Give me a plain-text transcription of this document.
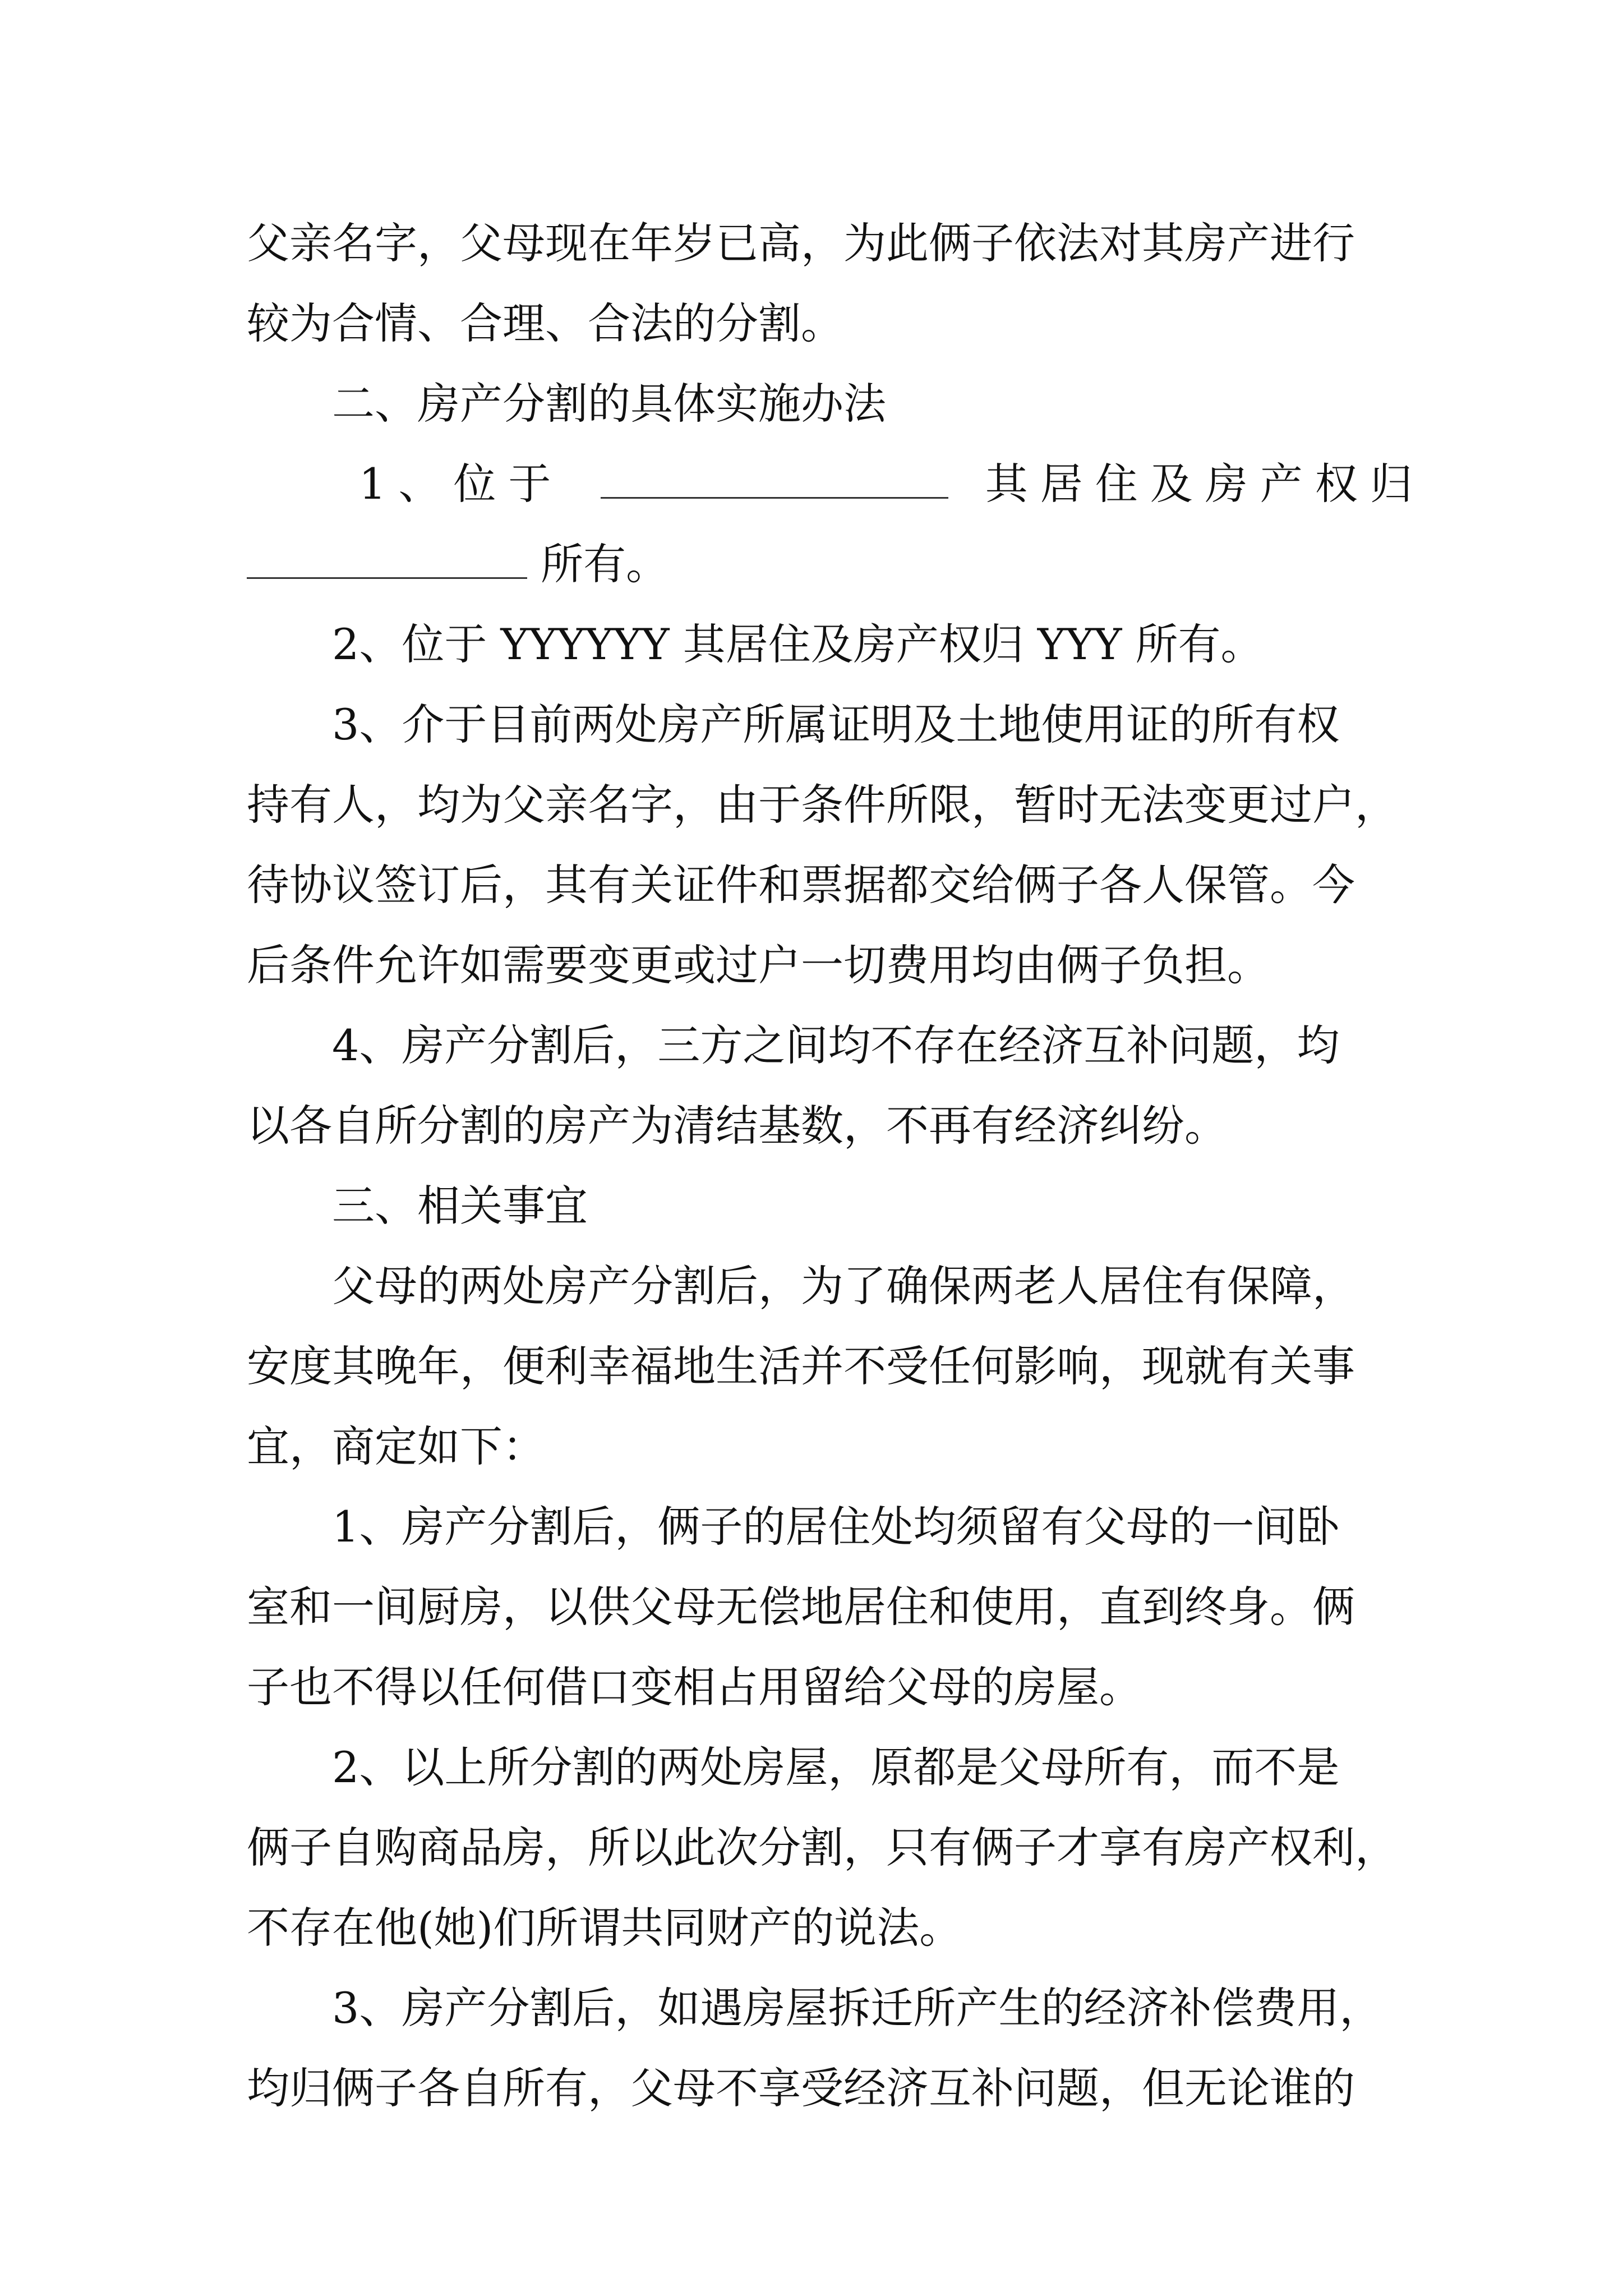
父亲名字，父母现在年岁已高，为此俩子依法对其房产进行
较为合情、合理、合法的分割。
二、房产分割的具体实施办法
1、位于	其居住及房产权归
所有。
2、位于 YYYYYY 其居住及房产权归 YYY 所有。
3、介于目前两处房产所属证明及土地使用证的所有权
持有人，均为父亲名字，由于条件所限，暂时无法变更过户，
待协议签订后，其有关证件和票据都交给俩子各人保管。今
后条件允许如需要变更或过户一切费用均由俩子负担。
4、房产分割后，三方之间均不存在经济互补问题，均
以各自所分割的房产为清结基数，不再有经济纠纷。
三、相关事宜
父母的两处房产分割后，为了确保两老人居住有保障，
安度其晚年，便利幸福地生活并不受任何影响，现就有关事
宜，商定如下：
1、房产分割后，俩子的居住处均须留有父母的一间卧
室和一间厨房，以供父母无偿地居住和使用，直到终身。俩
子也不得以任何借口变相占用留给父母的房屋。
2、以上所分割的两处房屋，原都是父母所有，而不是
俩子自购商品房，所以此次分割，只有俩子才享有房产权利，
不存在他(她)们所谓共同财产的说法。
3、房产分割后，如遇房屋拆迁所产生的经济补偿费用，
均归俩子各自所有，父母不享受经济互补问题，但无论谁的
